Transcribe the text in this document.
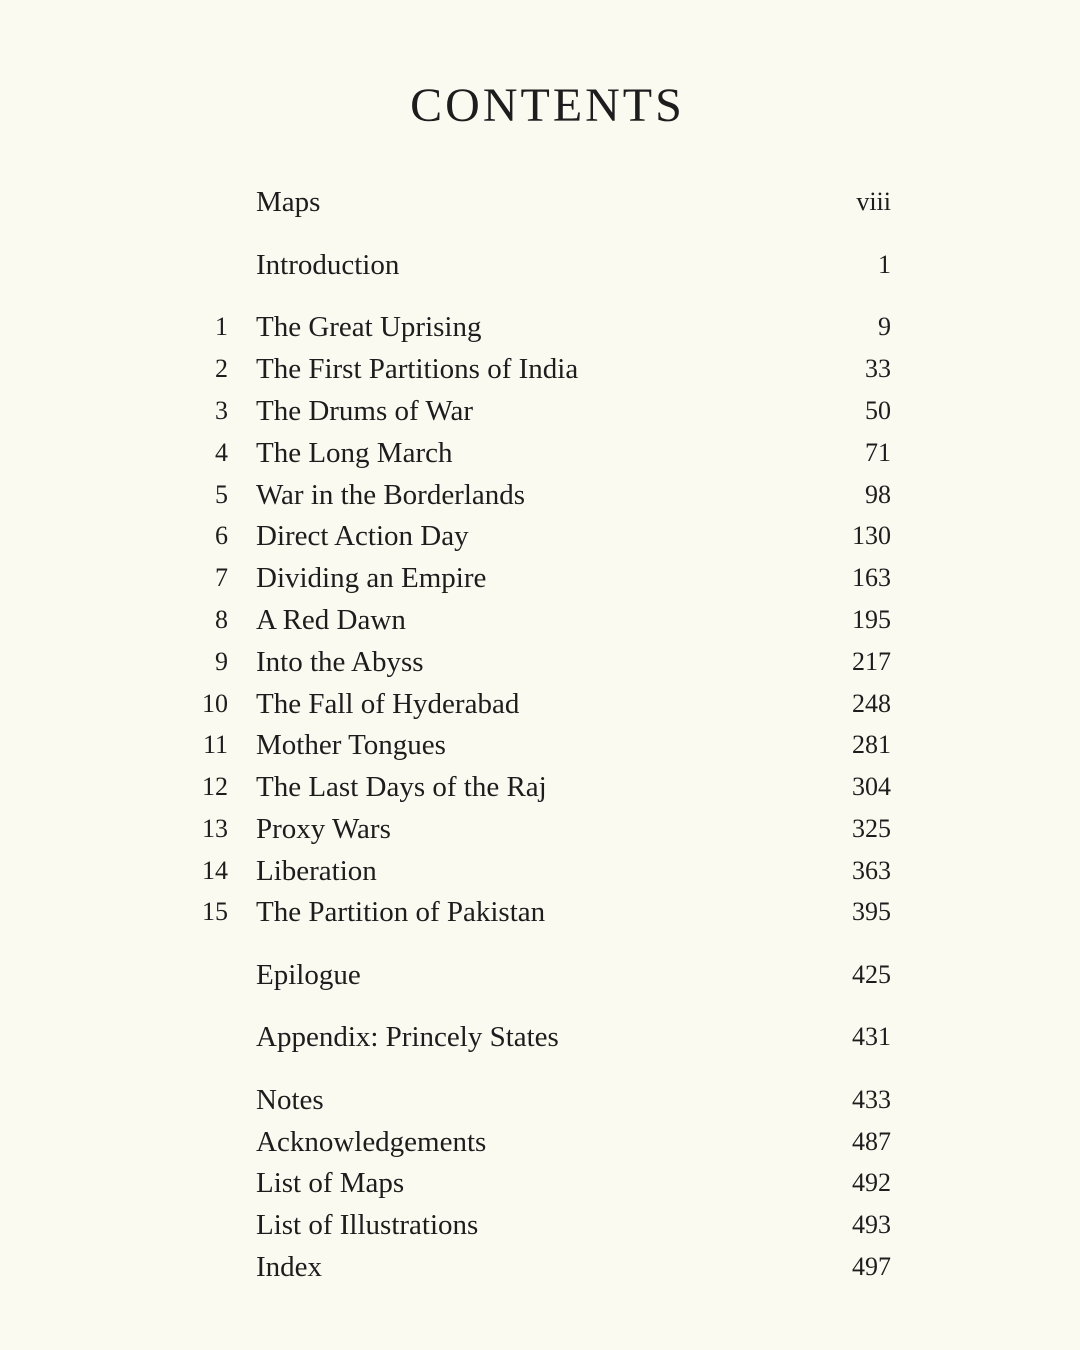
CONTENTS
Maps	viii
Introduction	1
1 The Great Uprising	9
2 The First Partitions of India	33
3 The Drums of War	50
4 The Long March	71
5 War in the Borderlands	98
6 Direct Action Day	130
7 Dividing an Empire	163
8 A Red Dawn	195
9 Into the Abyss	217
10 The Fall of Hyderabad	248
11 Mother Tongues	281
12 The Last Days of the Raj	304
13 Proxy Wars	325
14 Liberation	363
15 The Partition of Pakistan	395
Epilogue	425
Appendix: Princely States	431
Notes	433
Acknowledgements	487
List of Maps	492
List of Illustrations	493
Index	497
